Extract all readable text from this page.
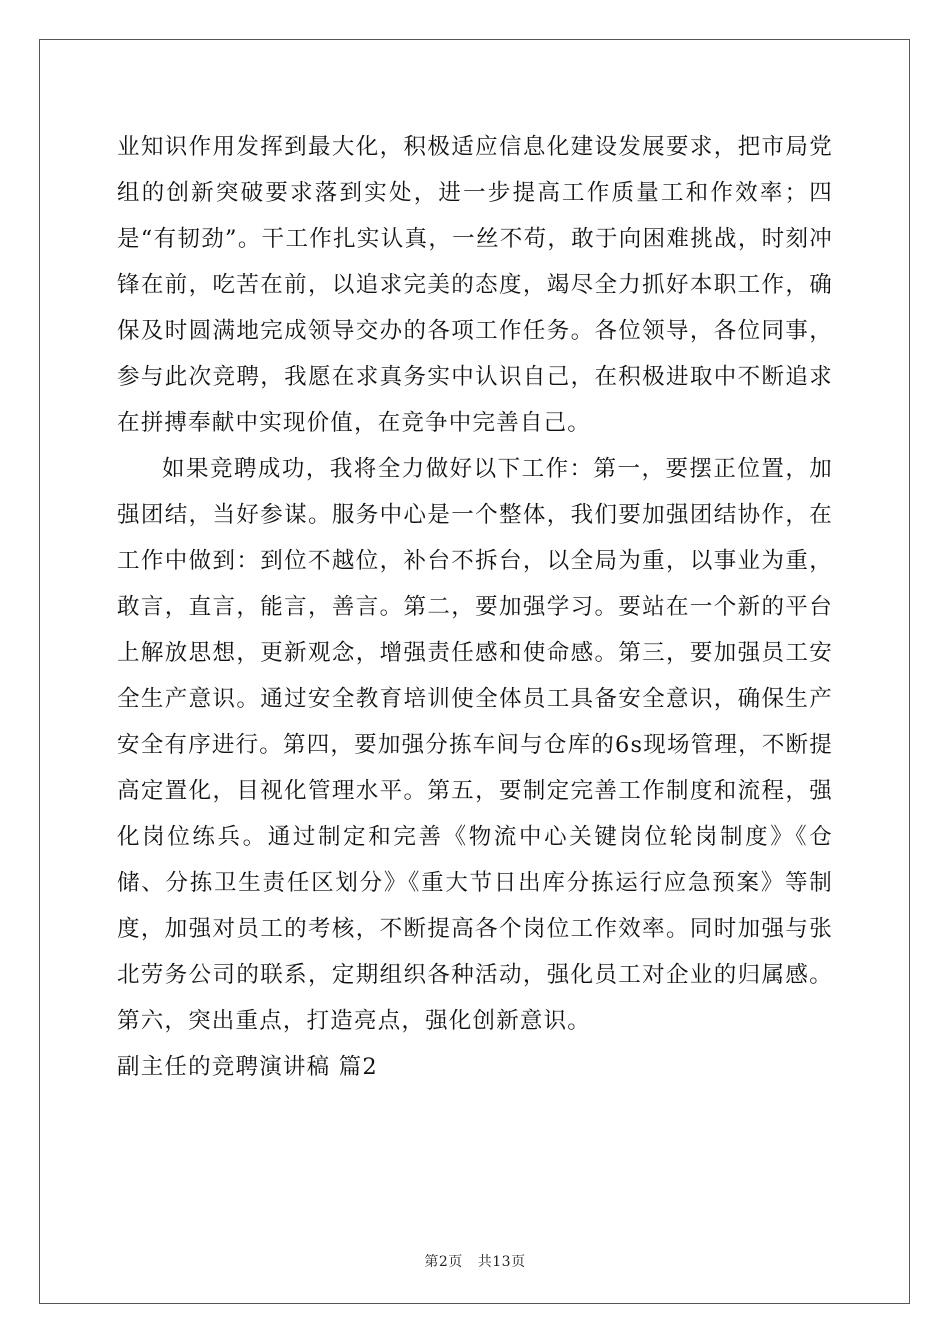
业知识作用发挥到最大化，积极适应信息化建设发展要求，把市局党组的创新突破要求落到实处，进一步提高工作质量工和作效率；四是“有韧劲”。干工作扎实认真，一丝不苟，敢于向困难挑战，时刻冲锋在前，吃苦在前，以追求完美的态度，竭尽全力抓好本职工作，确保及时圆满地完成领导交办的各项工作任务。各位领导，各位同事，参与此次竞聘，我愿在求真务实中认识自己，在积极进取中不断追求在拼搏奉献中实现价值，在竞争中完善自己。

如果竞聘成功，我将全力做好以下工作：第一，要摆正位置，加强团结，当好参谋。服务中心是一个整体，我们要加强团结协作，在工作中做到：到位不越位，补台不拆台，以全局为重，以事业为重，敢言，直言，能言，善言。第二，要加强学习。要站在一个新的平台上解放思想，更新观念，增强责任感和使命感。第三，要加强员工安全生产意识。通过安全教育培训使全体员工具备安全意识，确保生产安全有序进行。第四，要加强分拣车间与仓库的6s现场管理，不断提高定置化，目视化管理水平。第五，要制定完善工作制度和流程，强化岗位练兵。通过制定和完善《物流中心关键岗位轮岗制度》《仓储、分拣卫生责任区划分》《重大节日出库分拣运行应急预案》等制度，加强对员工的考核，不断提高各个岗位工作效率。同时加强与张北劳务公司的联系，定期组织各种活动，强化员工对企业的归属感。第六，突出重点，打造亮点，强化创新意识。

副主任的竞聘演讲稿 篇2

第2页 共13页
